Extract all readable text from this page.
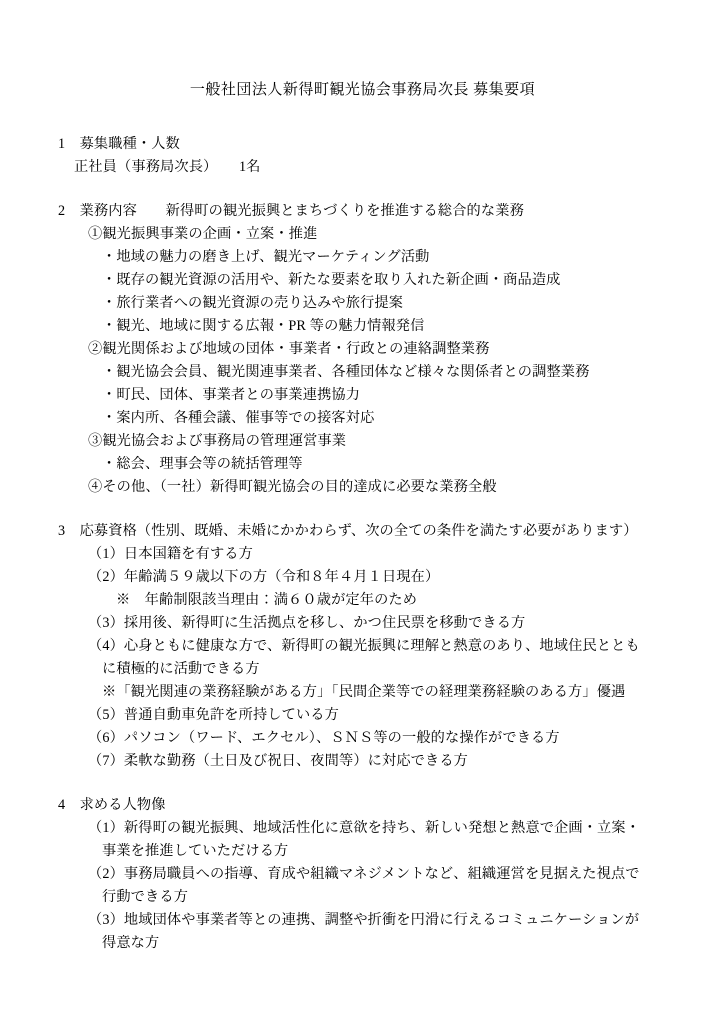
一般社団法人新得町観光協会事務局次長 募集要項
1　募集職種・人数
正社員（事務局次長）　　1名
2　業務内容　　新得町の観光振興とまちづくりを推進する総合的な業務
①観光振興事業の企画・立案・推進
・地域の魅力の磨き上げ、観光マーケティング活動
・既存の観光資源の活用や、新たな要素を取り入れた新企画・商品造成
・旅行業者への観光資源の売り込みや旅行提案
・観光、地域に関する広報・PR 等の魅力情報発信
②観光関係および地域の団体・事業者・行政との連絡調整業務
・観光協会会員、観光関連事業者、各種団体など様々な関係者との調整業務
・町民、団体、事業者との事業連携協力
・案内所、各種会議、催事等での接客対応
③観光協会および事務局の管理運営事業
・総会、理事会等の統括管理等
④その他、（一社）新得町観光協会の目的達成に必要な業務全般
3　応募資格（性別、既婚、未婚にかかわらず、次の全ての条件を満たす必要があります）
（1）日本国籍を有する方
（2）年齢満５９歳以下の方（令和８年４月１日現在）
※　年齢制限該当理由：満６０歳が定年のため
（3）採用後、新得町に生活拠点を移し、かつ住民票を移動できる方
（4）心身ともに健康な方で、新得町の観光振興に理解と熱意のあり、地域住民ととも
に積極的に活動できる方
※「観光関連の業務経験がある方」「民間企業等での経理業務経験のある方」優遇
（5）普通自動車免許を所持している方
（6）パソコン（ワード、エクセル）、ＳＮＳ等の一般的な操作ができる方
（7）柔軟な勤務（土日及び祝日、夜間等）に対応できる方
4　求める人物像
（1）新得町の観光振興、地域活性化に意欲を持ち、新しい発想と熱意で企画・立案・
事業を推進していただける方
（2）事務局職員への指導、育成や組織マネジメントなど、組織運営を見据えた視点で
行動できる方
（3）地域団体や事業者等との連携、調整や折衝を円滑に行えるコミュニケーションが
得意な方
